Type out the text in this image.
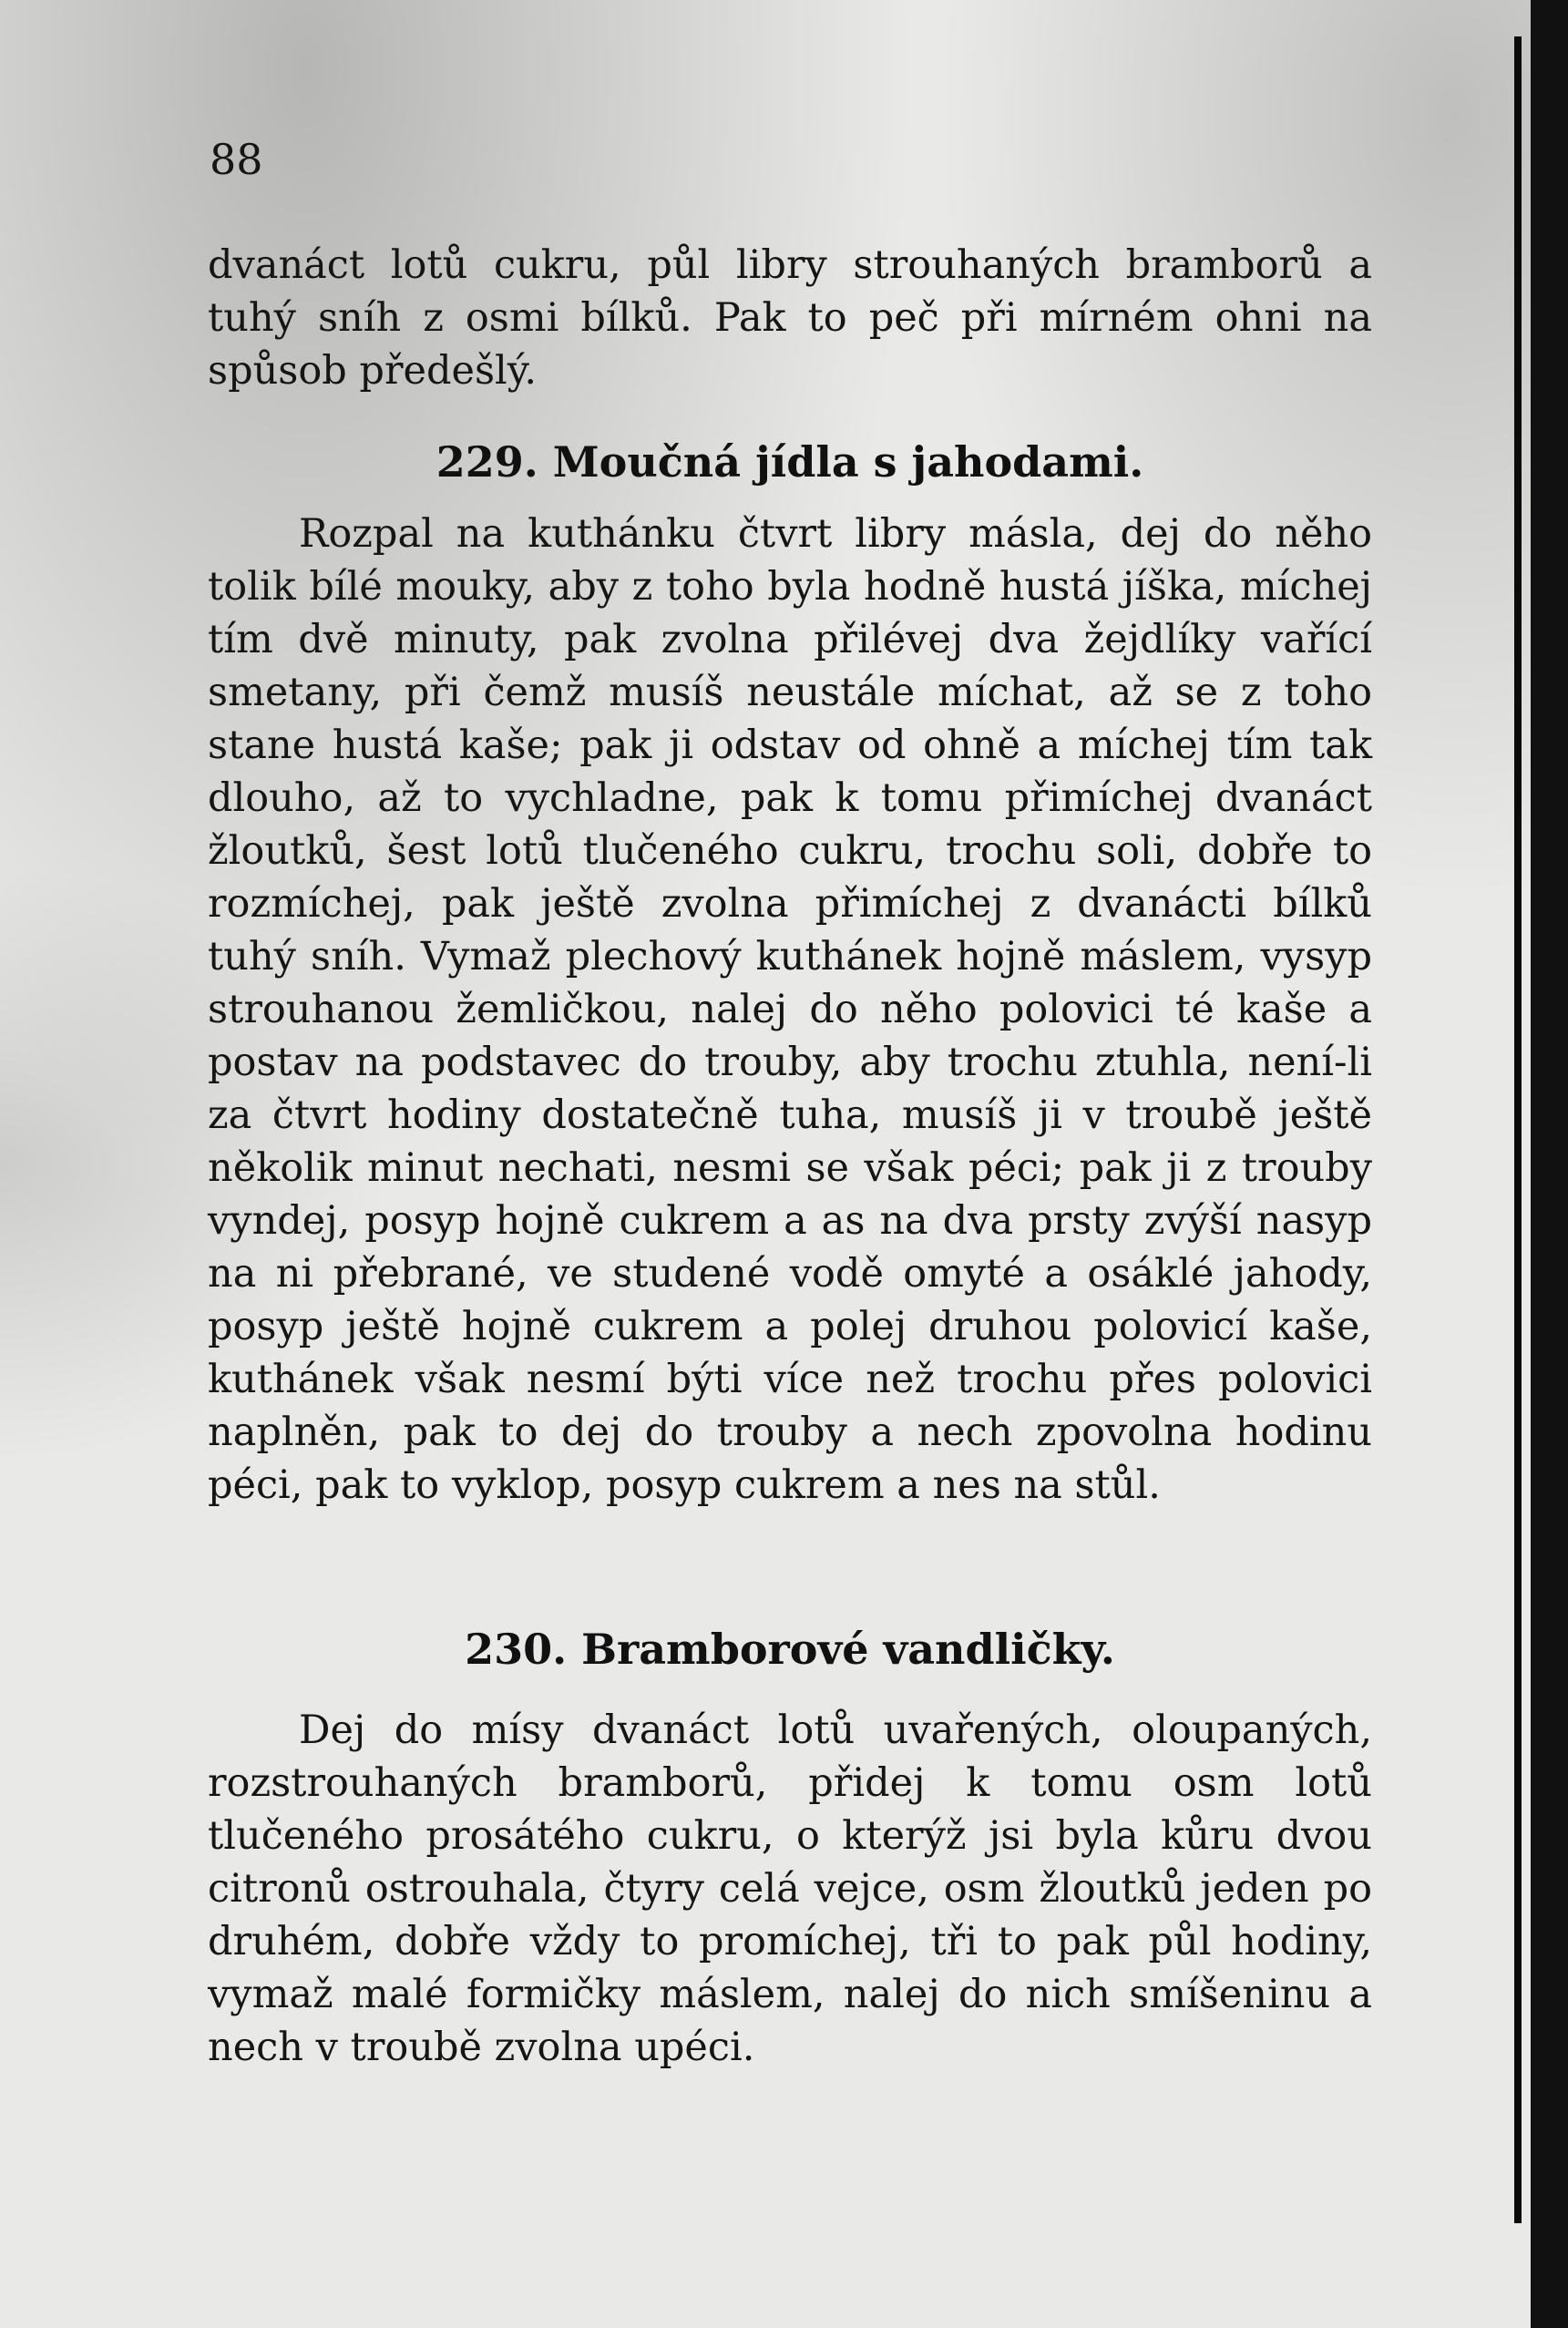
88

dvanáct lotů cukru, půl libry strouhaných bramborů a tuhý sníh z osmi bílků. Pak to peč při mírném ohni na spůsob předešlý.

229. Moučná jídla s jahodami.

Rozpal na kuthánku čtvrt libry másla, dej do něho tolik bílé mouky, aby z toho byla hodně hustá jíška, míchej tím dvě minuty, pak zvolna přilévej dva žejdlíky vařící smetany, při čemž musíš neustále míchat, až se z toho stane hustá kaše; pak ji odstav od ohně a míchej tím tak dlouho, až to vychladne, pak k tomu přimíchej dvanáct žloutků, šest lotů tlučeného cukru, trochu soli, dobře to rozmíchej, pak ještě zvolna přimíchej z dvanácti bílků tuhý sníh. Vymaž plechový kuthánek hojně máslem, vysyp strouhanou žemličkou, nalej do něho polovici té kaše a postav na podstavec do trouby, aby trochu ztuhla, není-li za čtvrt hodiny dostatečně tuha, musíš ji v troubě ještě několik minut nechati, nesmi se však péci; pak ji z trouby vyndej, posyp hojně cukrem a as na dva prsty zvýší nasyp na ni přebrané, ve studené vodě omyté a osáklé jahody, posyp ještě hojně cukrem a polej druhou polovicí kaše, kuthánek však nesmí býti více než trochu přes polovici naplněn, pak to dej do trouby a nech zpovolna hodinu péci, pak to vyklop, posyp cukrem a nes na stůl.

230. Bramborové vandličky.

Dej do mísy dvanáct lotů uvařených, oloupaných, rozstrouhaných bramborů, přidej k tomu osm lotů tlučeného prosátého cukru, o kterýž jsi byla kůru dvou citronů ostrouhala, čtyry celá vejce, osm žloutků jeden po druhém, dobře vždy to promíchej, tři to pak půl hodiny, vymaž malé formičky máslem, nalej do nich smíšeninu a nech v troubě zvolna upéci.
